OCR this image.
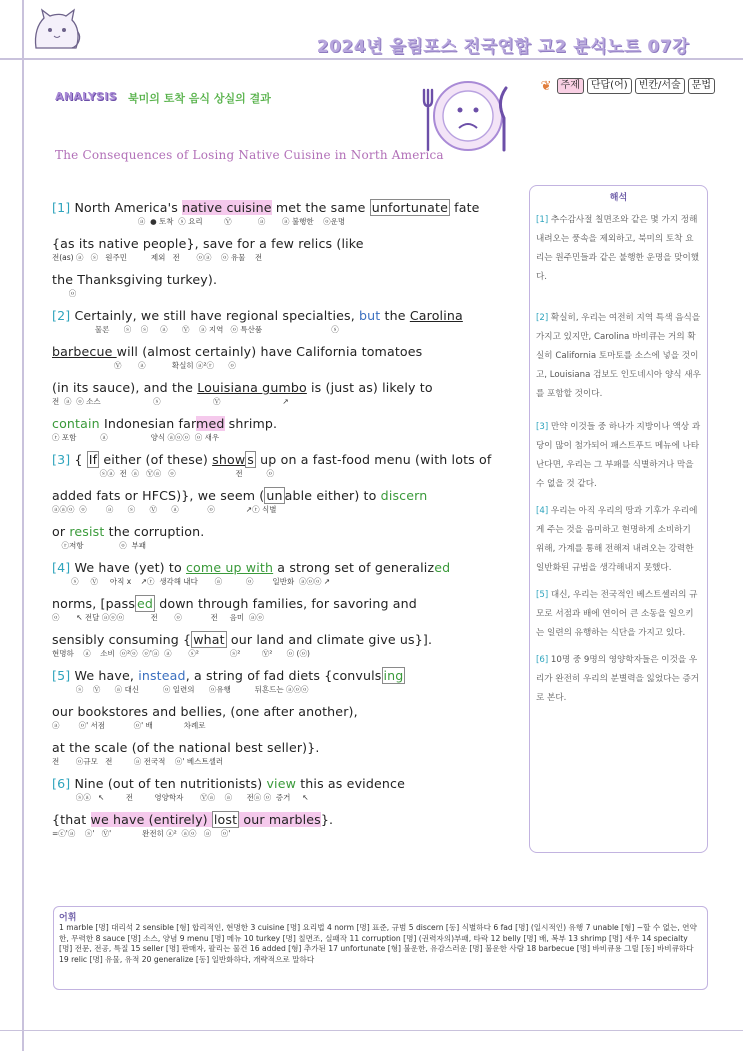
2024년 올림포스 전국연합 고2 분석노트 07강
ANALYSIS 북미의 토착 음식 상실의 결과
❦ 주제	단답(어)	빈칸/서술	문법
The Consequences of Losing Native Cuisine in North America
[1] North America's native cuisine met the same unfortunate fate
ⓐ  ● 토착  ⓢ 요리         Ⓥ           ⓐ       ⓐ 불행한    ⓞ운명
{as its native people}, save for a few relics (like
전(as) ⓐ   ⓢ   원주민          제외   전       ⓞⓐ    ⓞ 유물    전
the Thanksgiving turkey).
ⓞ
[2] Certainly, we still have regional specialties, but the Carolina
물론      ⓢ    ⓢ     ⓐ      Ⓥ    ⓐ 지역   ⓞ 특산품                             ⓢ
barbecue will (almost certainly) have California tomatoes
Ⓥ       ⓐ           확실히 ⓐ²ⓡ      ⓞ
(in its sauce), and the Louisiana gumbo is (just as) likely to
전  ⓐ  ⓞ 소스                      ⓢ                      Ⓥ                          ↗
contain Indonesian farmed shrimp.
ⓡ 포함          ⓐ                  양식 ⓐⓞⓞ  ⓞ 새우
[3] { If either (of these) show s up on a fast-food menu (with lots of
ⓢⓐ  전  ⓐ   Ⓥⓐ   ⓞ                         전          ⓞ
added fats or HFCS)}, we seem ( un able either) to discern
ⓐⓐⓞ  ⓞ        ⓐ      ⓢ      Ⓥ      ⓐ            ⓞ             ↗ⓡ 식별
or resist the corruption.
ⓡ저항               ⓞ  부패
[4] We have (yet) to come up with a strong set of generalized
ⓢ     Ⓥ     아직 x    ↗ⓡ  생각해 내다       ⓐ          ⓞ        일반화  ⓐⓞⓞ ↗
norms, [pass ed down through families, for savoring and
ⓞ       ↖ 전달 ⓐⓞⓞ           전       ⓞ            전     음미  ⓐⓞ
sensibly consuming { what our land and climate give us}].
현명하    ⓐ    소비  ⓞ²ⓞ  ⓞ'ⓐ  ⓐ       ⓢ²             ⓢ²         Ⓥ²      ⓞ (ⓞ)
[5] We have, instead, a string of fad diets {convuls ing
ⓢ    Ⓥ      ⓐ 대신          ⓞ 일련의      ⓞ유행          뒤흔드는 ⓐⓞⓞ
our bookstores and bellies, (one after another),
ⓐ        ⓞ' 서점            ⓞ' 배             차례로
at the scale (of the national best seller)}.
전       ⓞ규모   전         ⓐ 전국적    ⓞ' 베스트셀러
[6] Nine (out of ten nutritionists) view this as evidence
ⓢⓐ   ↖         전         영양학자       Ⓥⓐ    ⓐ      전ⓐ ⓞ  증거     ↖
{that we have (entirely) lost our marbles}.
=ⓒ'ⓐ    ⓢ'   Ⓥ'             완전히 ⓐ²  ⓐⓞ   ⓐ    ⓞ'
해석
[1] 추수감사절 칠면조와 같은 몇 가지 정해 내려오는 풍속을 제외하고, 북미의 토착 요리는 원주민들과 같은 불행한 운명을 맞이했다.
[2] 확실히, 우리는 여전히 지역 특색 음식을 가지고 있지만, Carolina 바비큐는 거의 확실히 California 토마토를 소스에 넣을 것이고, Louisiana 검보도 인도네시아 양식 새우를 포함할 것이다.
[3] 만약 이것들 중 하나가 지방이나 액상 과당이 많이 첨가되어 패스트푸드 메뉴에 나타난다면, 우리는 그 부패를 식별하거나 막을 수 없을 것 같다.
[4] 우리는 아직 우리의 땅과 기후가 우리에게 주는 것을 음미하고 현명하게 소비하기 위해, 가계를 통해 전해져 내려오는 강력한 일반화된 규범을 생각해내지 못했다.
[5] 대신, 우리는 전국적인 베스트셀러의 규모로 서점과 배에 연이어 큰 소동을 일으키는 일련의 유행하는 식단을 가지고 있다.
[6] 10명 중 9명의 영양학자들은 이것을 우리가 완전히 우리의 분별력을 잃었다는 증거로 본다.
어휘
1 marble [명] 대리석 2 sensible [형] 합리적인, 현명한 3 cuisine [명] 요리법 4 norm [명] 표준, 규범 5 discern [동] 식별하다 6 fad [명] (일시적인) 유행 7 unable [형] ~할 수 없는, 연약한, 무력한 8 sauce [명] 소스, 양념 9 menu [명] 메뉴 10 turkey [명] 칠면조, 실패작 11 corruption [명] (권력자의)부패, 타락 12 belly [명] 배, 복부 13 shrimp [명] 새우 14 specialty [명] 전문, 전공, 특질 15 seller [명] 판매자, 팔리는 물건 16 added [형] 추가된 17 unfortunate [형] 불운한, 유감스러운 [명] 불운한 사람 18 barbecue [명] 바비큐용 그릴 [동] 바비큐하다 19 relic [명] 유물, 유적 20 generalize [동] 일반화하다, 개략적으로 말하다
